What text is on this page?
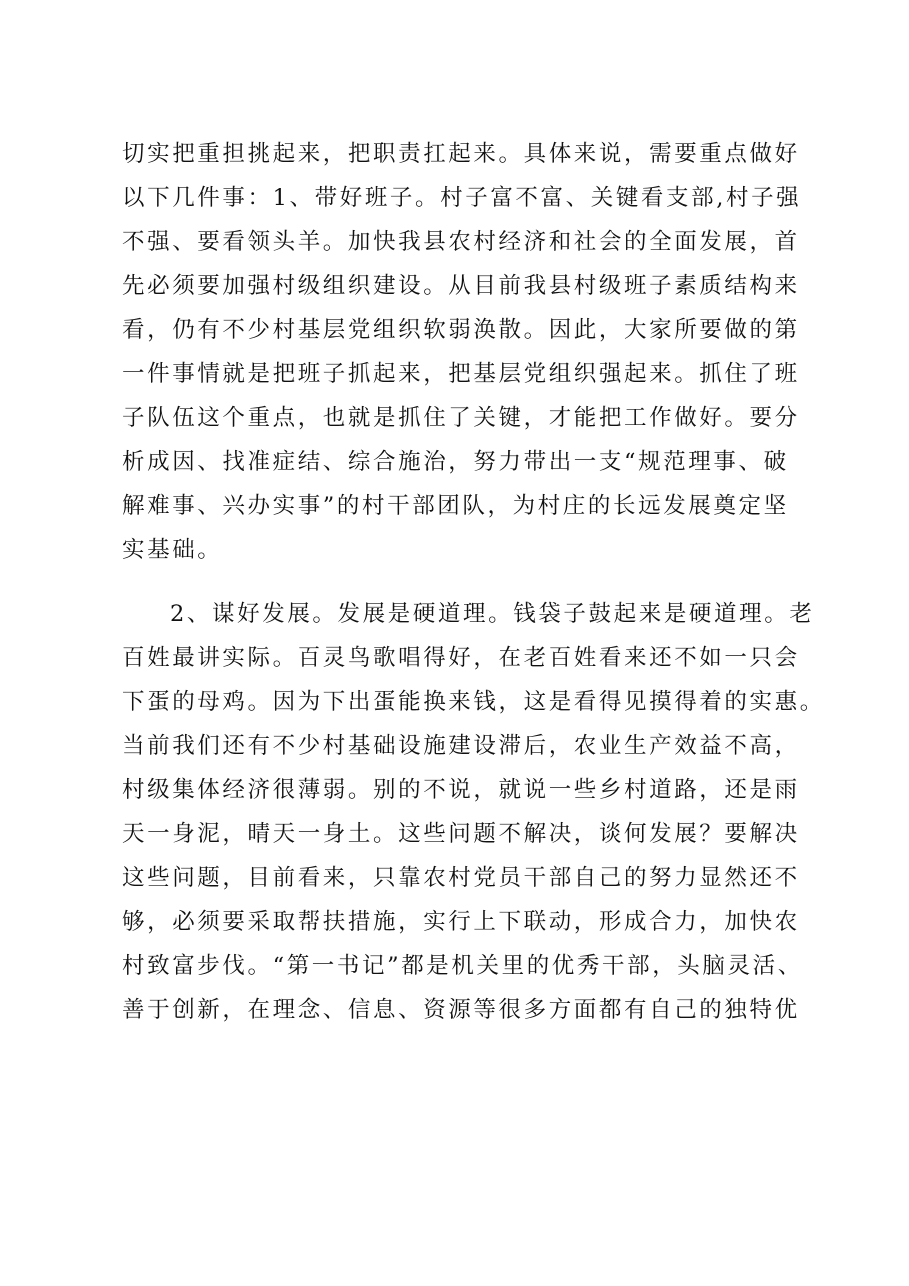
切实把重担挑起来，把职责扛起来。具体来说，需要重点做好
以下几件事：1、带好班子。村子富不富、关键看支部,村子强
不强、要看领头羊。加快我县农村经济和社会的全面发展，首
先必须要加强村级组织建设。从目前我县村级班子素质结构来
看，仍有不少村基层党组织软弱涣散。因此，大家所要做的第
一件事情就是把班子抓起来，把基层党组织强起来。抓住了班
子队伍这个重点，也就是抓住了关键，才能把工作做好。要分
析成因、找准症结、综合施治，努力带出一支“规范理事、破
解难事、兴办实事”的村干部团队，为村庄的长远发展奠定坚
实基础。
2、谋好发展。发展是硬道理。钱袋子鼓起来是硬道理。老
百姓最讲实际。百灵鸟歌唱得好，在老百姓看来还不如一只会
下蛋的母鸡。因为下出蛋能换来钱，这是看得见摸得着的实惠。
当前我们还有不少村基础设施建设滞后，农业生产效益不高，
村级集体经济很薄弱。别的不说，就说一些乡村道路，还是雨
天一身泥，晴天一身土。这些问题不解决，谈何发展？要解决
这些问题，目前看来，只靠农村党员干部自己的努力显然还不
够，必须要采取帮扶措施，实行上下联动，形成合力，加快农
村致富步伐。“第一书记”都是机关里的优秀干部，头脑灵活、
善于创新，在理念、信息、资源等很多方面都有自己的独特优
